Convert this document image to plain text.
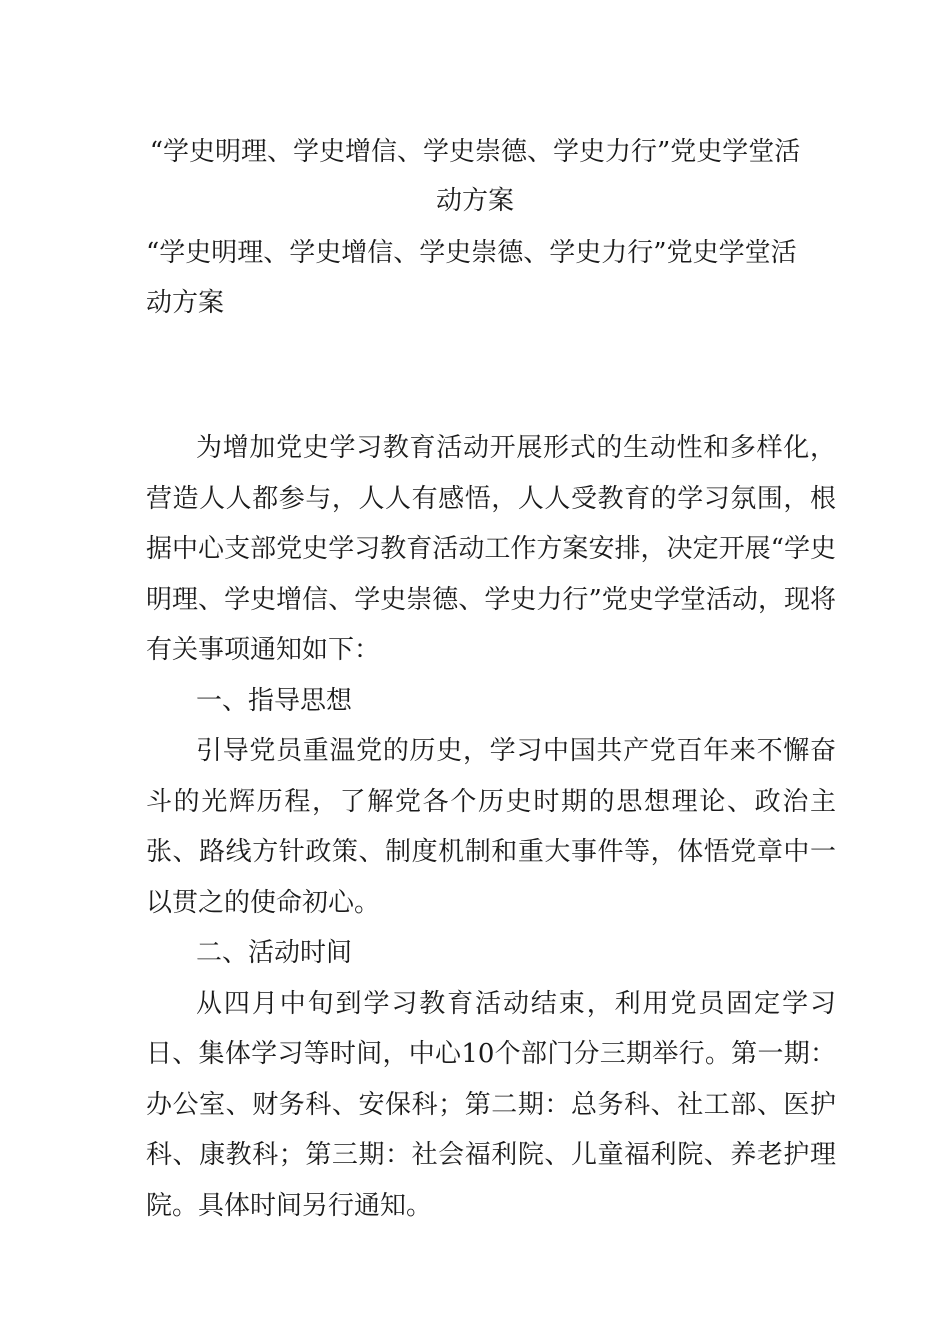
“学史明理、学史增信、学史崇德、学史力行”党史学堂活
动方案
“学史明理、学史增信、学史崇德、学史力行”党史学堂活动方案

为增加党史学习教育活动开展形式的生动性和多样化，营造人人都参与，人人有感悟，人人受教育的学习氛围，根据中心支部党史学习教育活动工作方案安排，决定开展“学史明理、学史增信、学史崇德、学史力行”党史学堂活动，现将有关事项通知如下：

一、指导思想

引导党员重温党的历史，学习中国共产党百年来不懈奋斗的光辉历程，了解党各个历史时期的思想理论、政治主张、路线方针政策、制度机制和重大事件等，体悟党章中一以贯之的使命初心。

二、活动时间

从四月中旬到学习教育活动结束，利用党员固定学习日、集体学习等时间，中心10个部门分三期举行。第一期：办公室、财务科、安保科；第二期：总务科、社工部、医护科、康教科；第三期：社会福利院、儿童福利院、养老护理院。具体时间另行通知。
